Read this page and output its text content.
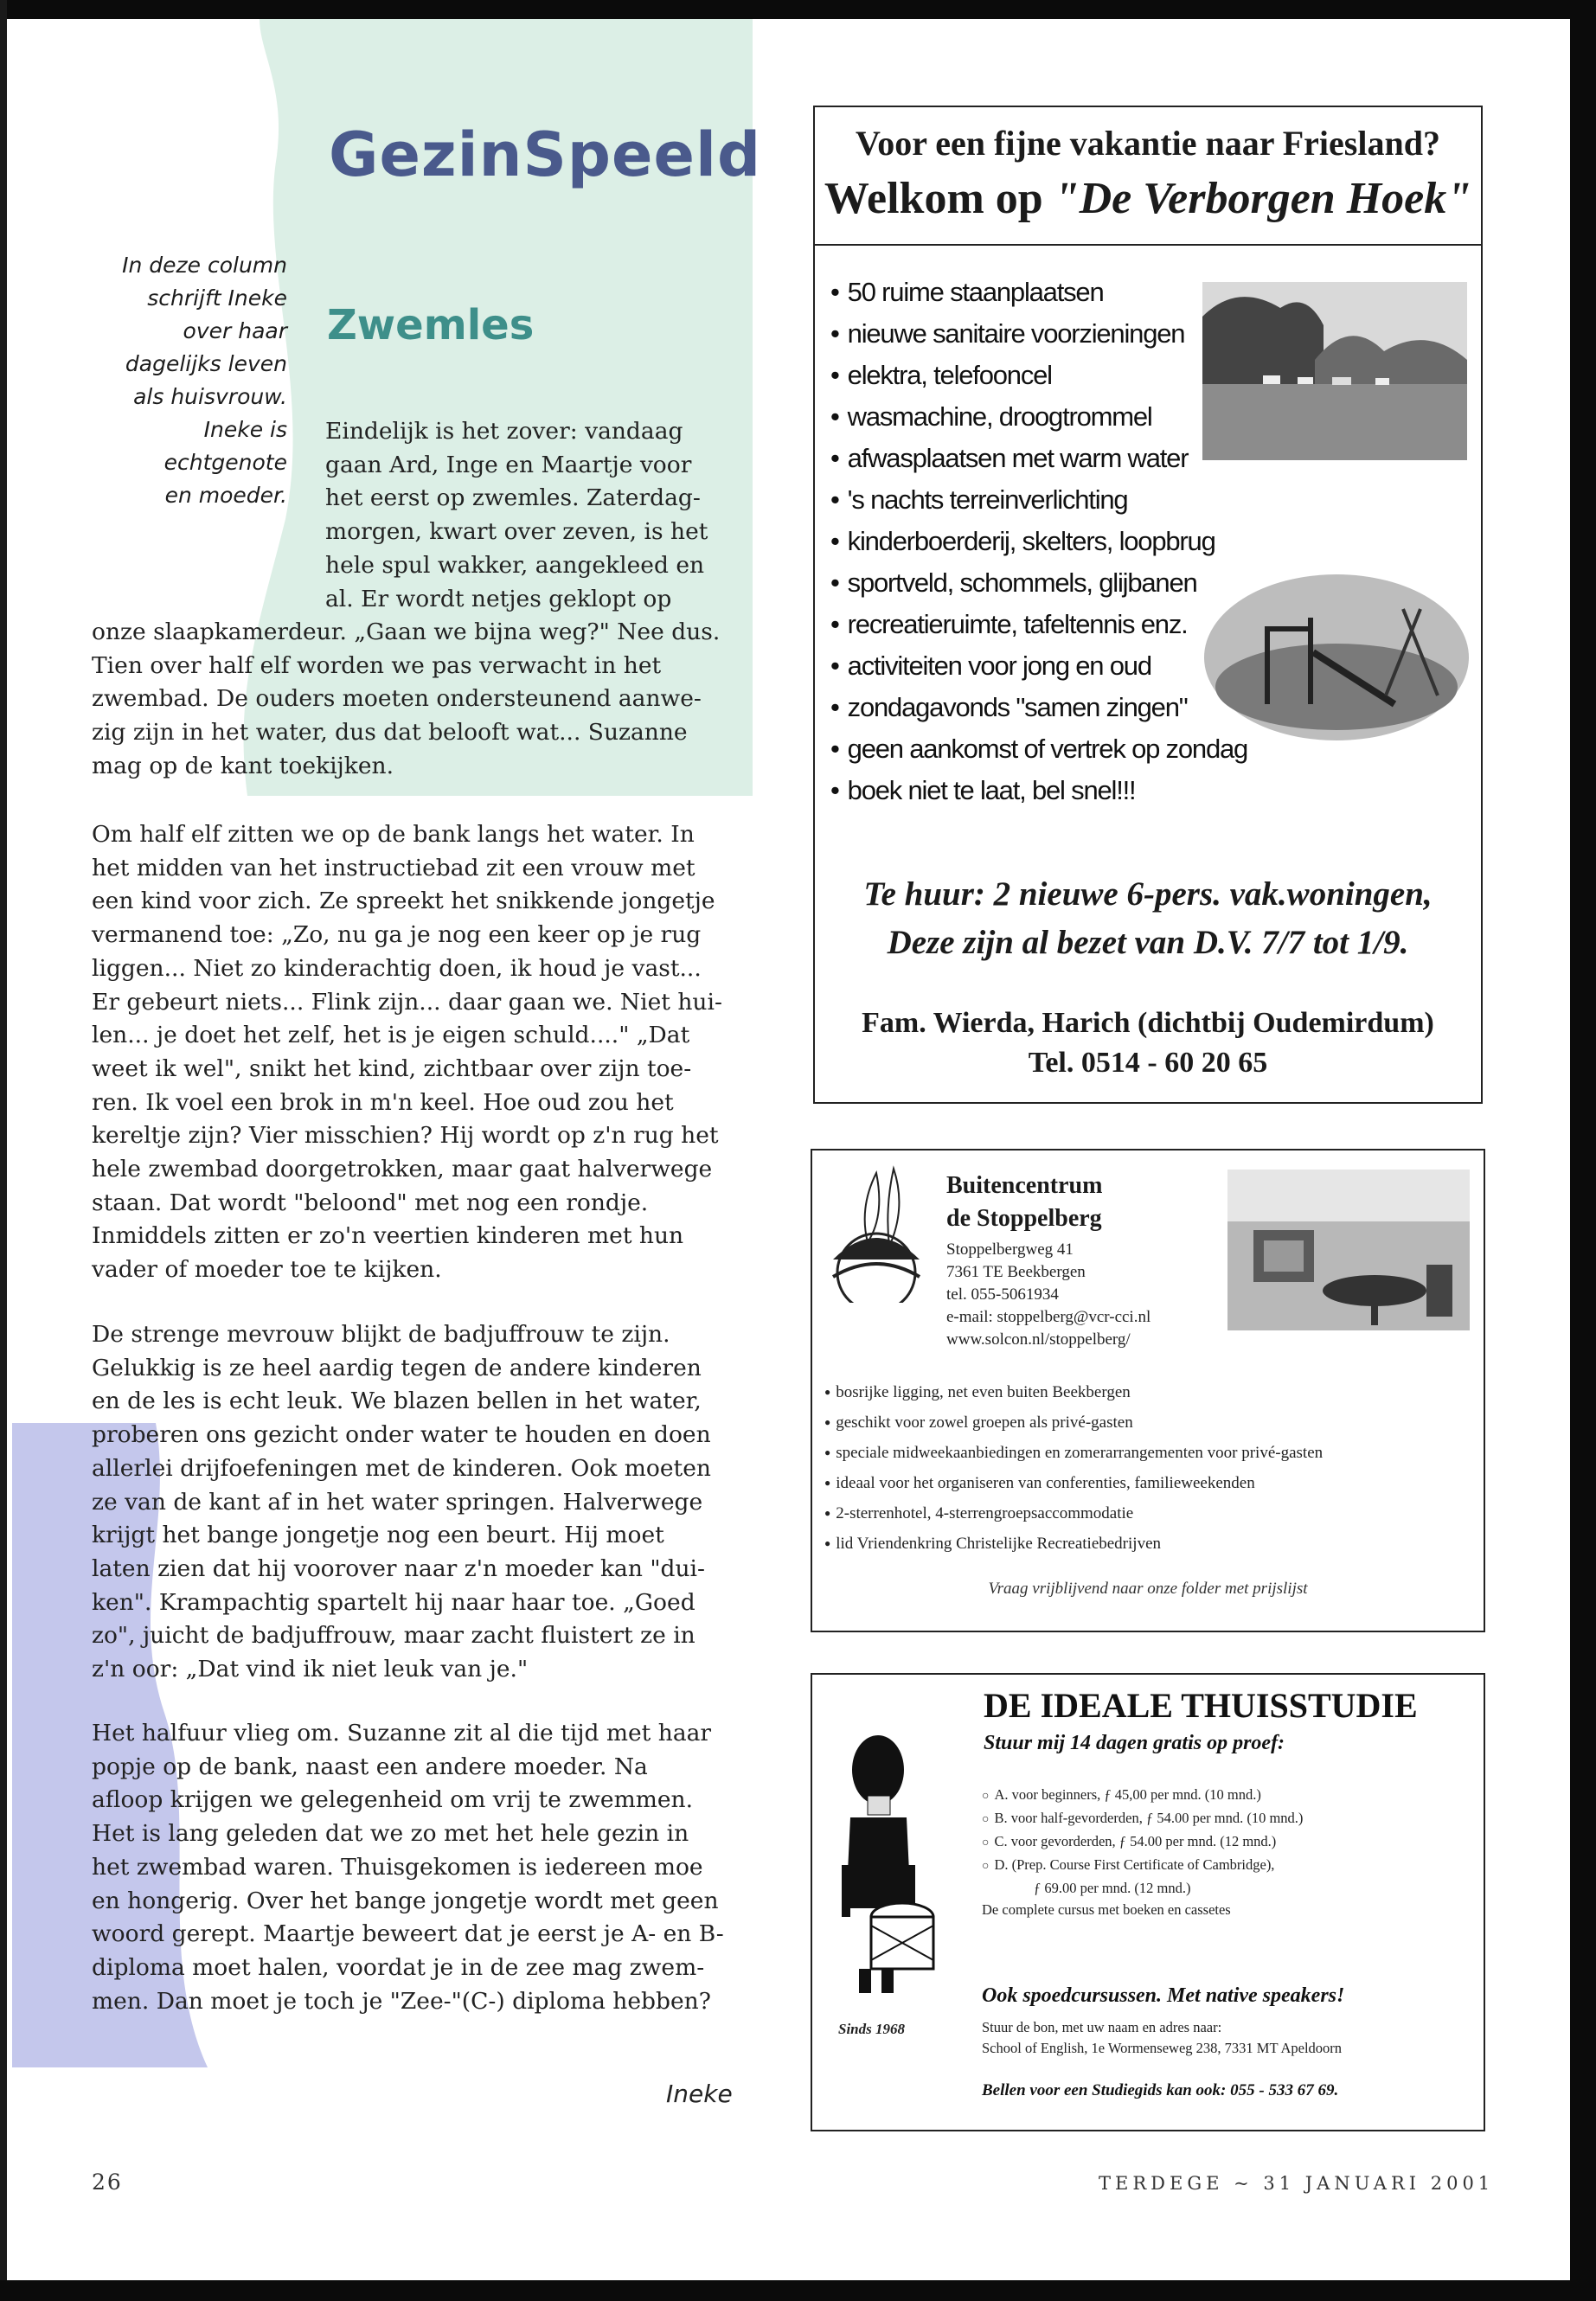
GezinSpeeld
Zwemles
In deze column
schrijft Ineke
over haar
dagelijks leven
als huisvrouw.
Ineke is
echtgenote
en moeder.
Eindelijk is het zover: vandaag
gaan Ard, Inge en Maartje voor
het eerst op zwemles. Zaterdag-
morgen, kwart over zeven, is het
hele spul wakker, aangekleed en
al. Er wordt netjes geklopt op
onze slaapkamerdeur. „Gaan we bijna weg?" Nee dus.
Tien over half elf worden we pas verwacht in het
zwembad. De ouders moeten ondersteunend aanwe-
zig zijn in het water, dus dat belooft wat... Suzanne
mag op de kant toekijken.
Om half elf zitten we op de bank langs het water. In
het midden van het instructiebad zit een vrouw met
een kind voor zich. Ze spreekt het snikkende jongetje
vermanend toe: „Zo, nu ga je nog een keer op je rug
liggen... Niet zo kinderachtig doen, ik houd je vast...
Er gebeurt niets... Flink zijn... daar gaan we. Niet hui-
len... je doet het zelf, het is je eigen schuld...." „Dat
weet ik wel", snikt het kind, zichtbaar over zijn toe-
ren. Ik voel een brok in m'n keel. Hoe oud zou het
kereltje zijn? Vier misschien? Hij wordt op z'n rug het
hele zwembad doorgetrokken, maar gaat halverwege
staan. Dat wordt "beloond" met nog een rondje.
Inmiddels zitten er zo'n veertien kinderen met hun
vader of moeder toe te kijken.
De strenge mevrouw blijkt de badjuffrouw te zijn.
Gelukkig is ze heel aardig tegen de andere kinderen
en de les is echt leuk. We blazen bellen in het water,
proberen ons gezicht onder water te houden en doen
allerlei drijfoefeningen met de kinderen. Ook moeten
ze van de kant af in het water springen. Halverwege
krijgt het bange jongetje nog een beurt. Hij moet
laten zien dat hij voorover naar z'n moeder kan "dui-
ken". Krampachtig spartelt hij naar haar toe. „Goed
zo", juicht de badjuffrouw, maar zacht fluistert ze in
z'n oor: „Dat vind ik niet leuk van je."
Het halfuur vlieg om. Suzanne zit al die tijd met haar
popje op de bank, naast een andere moeder. Na
afloop krijgen we gelegenheid om vrij te zwemmen.
Het is lang geleden dat we zo met het hele gezin in
het zwembad waren. Thuisgekomen is iedereen moe
en hongerig. Over het bange jongetje wordt met geen
woord gerept. Maartje beweert dat je eerst je A- en B-
diploma moet halen, voordat je in de zee mag zwem-
men. Dan moet je toch je "Zee-"(C-) diploma hebben?
Ineke
26	TERDEGE ~ 31 JANUARI 2001
Voor een fijne vakantie naar Friesland?
Welkom op "De Verborgen Hoek"
• 50 ruime staanplaatsen
• nieuwe sanitaire voorzieningen
• elektra, telefooncel
• wasmachine, droogtrommel
• afwasplaatsen met warm water
• 's nachts terreinverlichting
• kinderboerderij, skelters, loopbrug
• sportveld, schommels, glijbanen
• recreatieruimte, tafeltennis enz.
• activiteiten voor jong en oud
• zondagavonds "samen zingen"
• geen aankomst of vertrek op zondag
• boek niet te laat, bel snel!!!
Te huur: 2 nieuwe 6-pers. vak.woningen,
Deze zijn al bezet van D.V. 7/7 tot 1/9.
Fam. Wierda, Harich (dichtbij Oudemirdum)
Tel. 0514 - 60 20 65
Buitencentrum
de Stoppelberg
Stoppelbergweg 41
7361 TE Beekbergen
tel. 055-5061934
e-mail: stoppelberg@vcr-cci.nl
www.solcon.nl/stoppelberg/
● bosrijke ligging, net even buiten Beekbergen
● geschikt voor zowel groepen als privé-gasten
● speciale midweekaanbiedingen en zomerarrangementen voor privé-gasten
● ideaal voor het organiseren van conferenties, familieweekenden
● 2-sterrenhotel, 4-sterrengroepsaccommodatie
● lid Vriendenkring Christelijke Recreatiebedrijven
Vraag vrijblijvend naar onze folder met prijslijst
Sinds 1968
DE IDEALE THUISSTUDIE
Stuur mij 14 dagen gratis op proef:
○ A. voor beginners, ƒ 45,00 per mnd. (10 mnd.)
○ B. voor half-gevorderden, ƒ 54.00 per mnd. (10 mnd.)
○ C. voor gevorderden, ƒ 54.00 per mnd. (12 mnd.)
○ D. (Prep. Course First Certificate of Cambridge),
ƒ 69.00 per mnd. (12 mnd.)
De complete cursus met boeken en cassetes
Ook spoedcursussen. Met native speakers!
Stuur de bon, met uw naam en adres naar:
School of English, 1e Wormenseweg 238, 7331 MT Apeldoorn
Bellen voor een Studiegids kan ook: 055 - 533 67 69.
